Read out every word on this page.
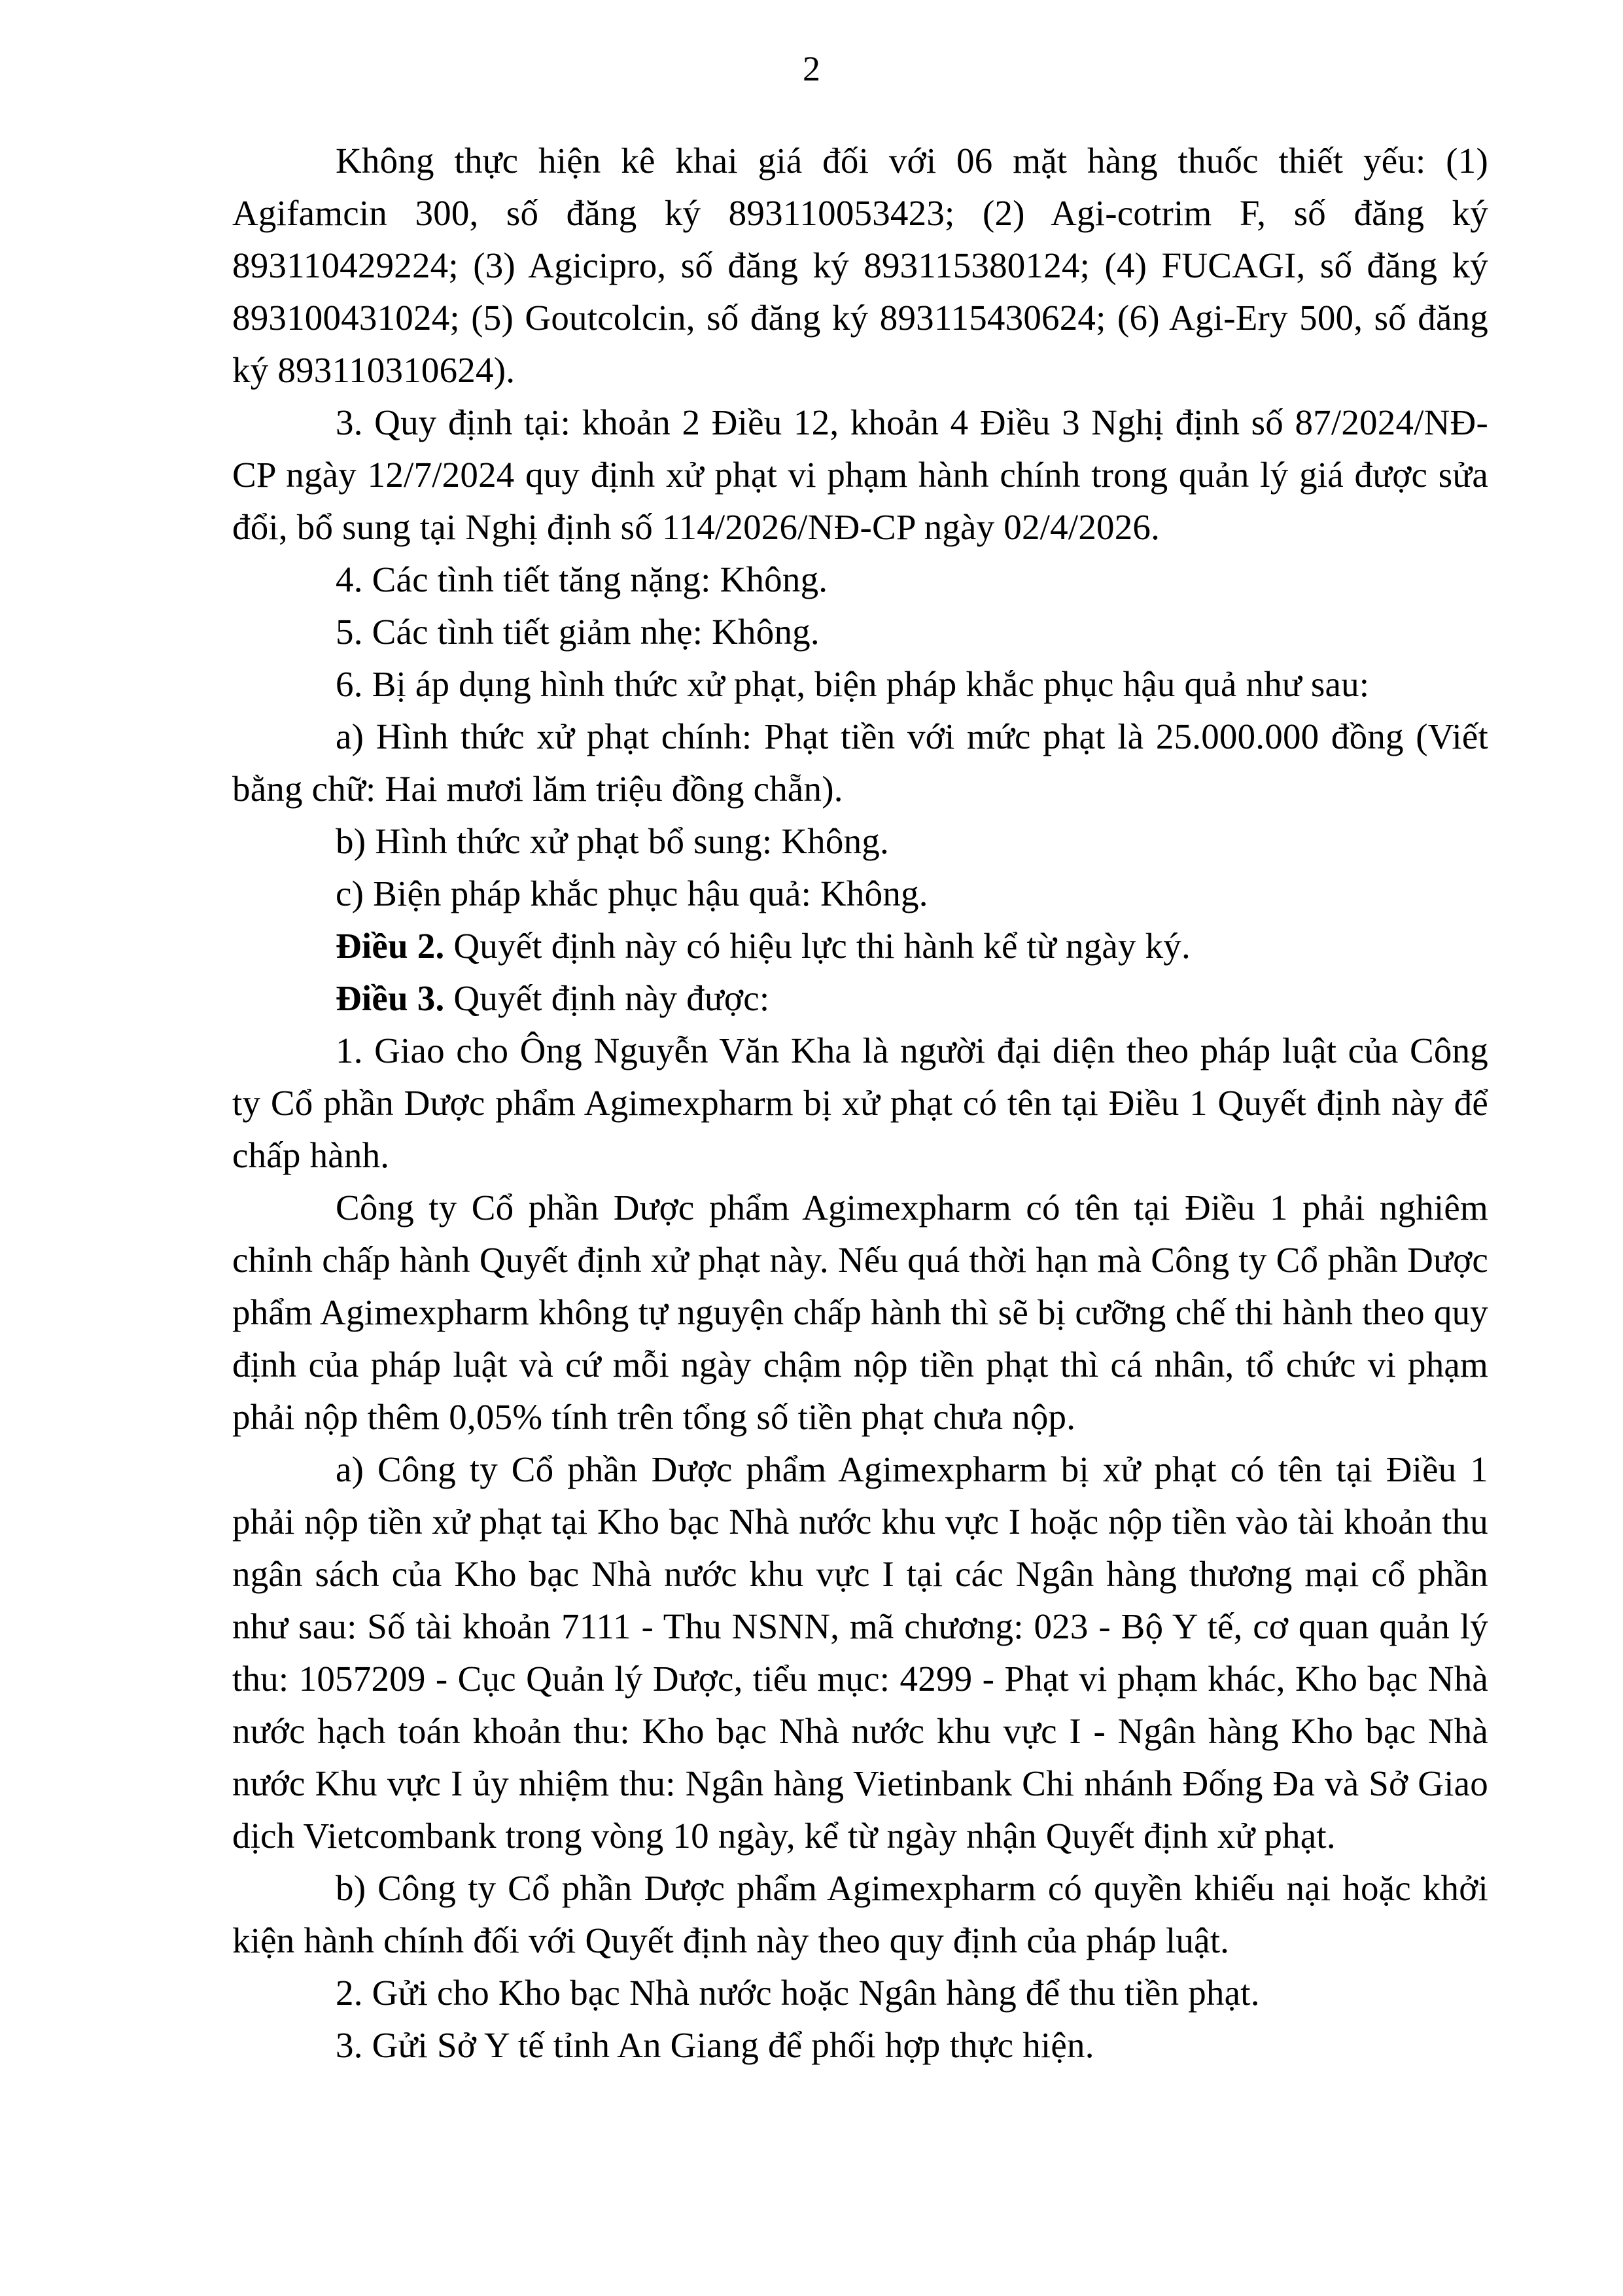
2

Không thực hiện kê khai giá đối với 06 mặt hàng thuốc thiết yếu: (1) Agifamcin 300, số đăng ký 893110053423; (2) Agi-cotrim F, số đăng ký 893110429224; (3) Agicipro, số đăng ký 893115380124; (4) FUCAGI, số đăng ký 893100431024; (5) Goutcolcin, số đăng ký 893115430624; (6) Agi-Ery 500, số đăng ký 893110310624).

3. Quy định tại: khoản 2 Điều 12, khoản 4 Điều 3 Nghị định số 87/2024/NĐ-CP ngày 12/7/2024 quy định xử phạt vi phạm hành chính trong quản lý giá được sửa đổi, bổ sung tại Nghị định số 114/2026/NĐ-CP ngày 02/4/2026.

4. Các tình tiết tăng nặng: Không.

5. Các tình tiết giảm nhẹ: Không.

6. Bị áp dụng hình thức xử phạt, biện pháp khắc phục hậu quả như sau:

a) Hình thức xử phạt chính: Phạt tiền với mức phạt là 25.000.000 đồng (Viết bằng chữ: Hai mươi lăm triệu đồng chẵn).

b) Hình thức xử phạt bổ sung: Không.

c) Biện pháp khắc phục hậu quả: Không.

Điều 2. Quyết định này có hiệu lực thi hành kể từ ngày ký.

Điều 3. Quyết định này được:

1. Giao cho Ông Nguyễn Văn Kha là người đại diện theo pháp luật của Công ty Cổ phần Dược phẩm Agimexpharm bị xử phạt có tên tại Điều 1 Quyết định này để chấp hành.

Công ty Cổ phần Dược phẩm Agimexpharm có tên tại Điều 1 phải nghiêm chỉnh chấp hành Quyết định xử phạt này. Nếu quá thời hạn mà Công ty Cổ phần Dược phẩm Agimexpharm không tự nguyện chấp hành thì sẽ bị cưỡng chế thi hành theo quy định của pháp luật và cứ mỗi ngày chậm nộp tiền phạt thì cá nhân, tổ chức vi phạm phải nộp thêm 0,05% tính trên tổng số tiền phạt chưa nộp.

a) Công ty Cổ phần Dược phẩm Agimexpharm bị xử phạt có tên tại Điều 1 phải nộp tiền xử phạt tại Kho bạc Nhà nước khu vực I hoặc nộp tiền vào tài khoản thu ngân sách của Kho bạc Nhà nước khu vực I tại các Ngân hàng thương mại cổ phần như sau: Số tài khoản 7111 - Thu NSNN, mã chương: 023 - Bộ Y tế, cơ quan quản lý thu: 1057209 - Cục Quản lý Dược, tiểu mục: 4299 - Phạt vi phạm khác, Kho bạc Nhà nước hạch toán khoản thu: Kho bạc Nhà nước khu vực I - Ngân hàng Kho bạc Nhà nước Khu vực I ủy nhiệm thu: Ngân hàng Vietinbank Chi nhánh Đống Đa và Sở Giao dịch Vietcombank trong vòng 10 ngày, kể từ ngày nhận Quyết định xử phạt.

b) Công ty Cổ phần Dược phẩm Agimexpharm có quyền khiếu nại hoặc khởi kiện hành chính đối với Quyết định này theo quy định của pháp luật.

2. Gửi cho Kho bạc Nhà nước hoặc Ngân hàng để thu tiền phạt.

3. Gửi Sở Y tế tỉnh An Giang để phối hợp thực hiện.
